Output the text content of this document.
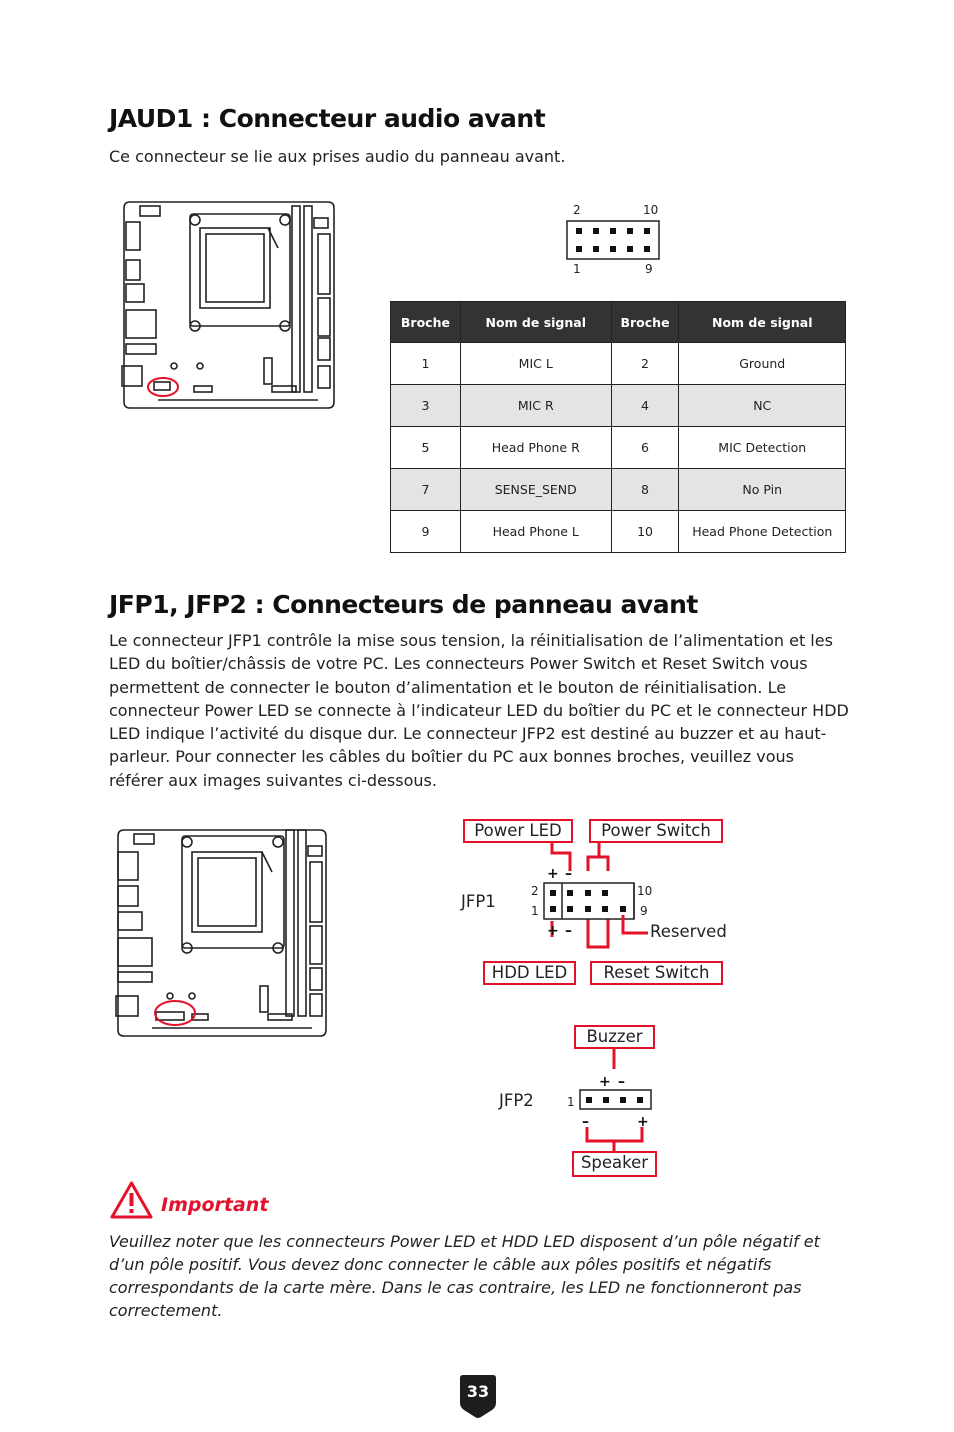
JAUD1 : Connecteur audio avant
Ce connecteur se lie aux prises audio du panneau avant.
2	10
1	9
Broche	Nom de signal	Broche	Nom de signal
1	MIC L	2	Ground
3	MIC R	4	NC
5	Head Phone R	6	MIC Detection
7	SENSE_SEND	8	No Pin
9	Head Phone L	10	Head Phone Detection
JFP1, JFP2 : Connecteurs de panneau avant
Le connecteur JFP1 contrôle la mise sous tension, la réinitialisation de l’alimentation et les LED du boîtier/châssis de votre PC. Les connecteurs Power Switch et Reset Switch vous permettent de connecter le bouton d’alimentation et le bouton de réinitialisation. Le connecteur Power LED se connecte à l’indicateur LED du boîtier du PC et le connecteur HDD LED indique l’activité du disque dur. Le connecteur JFP2 est destiné au buzzer et au haut-parleur. Pour connecter les câbles du boîtier du PC aux bonnes broches, veuillez vous référer aux images suivantes ci-dessous.
Power LED	Power Switch
JFP1
+ –
+ –
2
1
10
9
Reserved
HDD LED	Reset Switch
Buzzer
JFP2	1
+ –
–	+
Speaker
Important
Veuillez noter que les connecteurs Power LED et HDD LED disposent d’un pôle négatif et d’un pôle positif. Vous devez donc connecter le câble aux pôles positifs et négatifs correspondants de la carte mère. Dans le cas contraire, les LED ne fonctionneront pas correctement.
33
